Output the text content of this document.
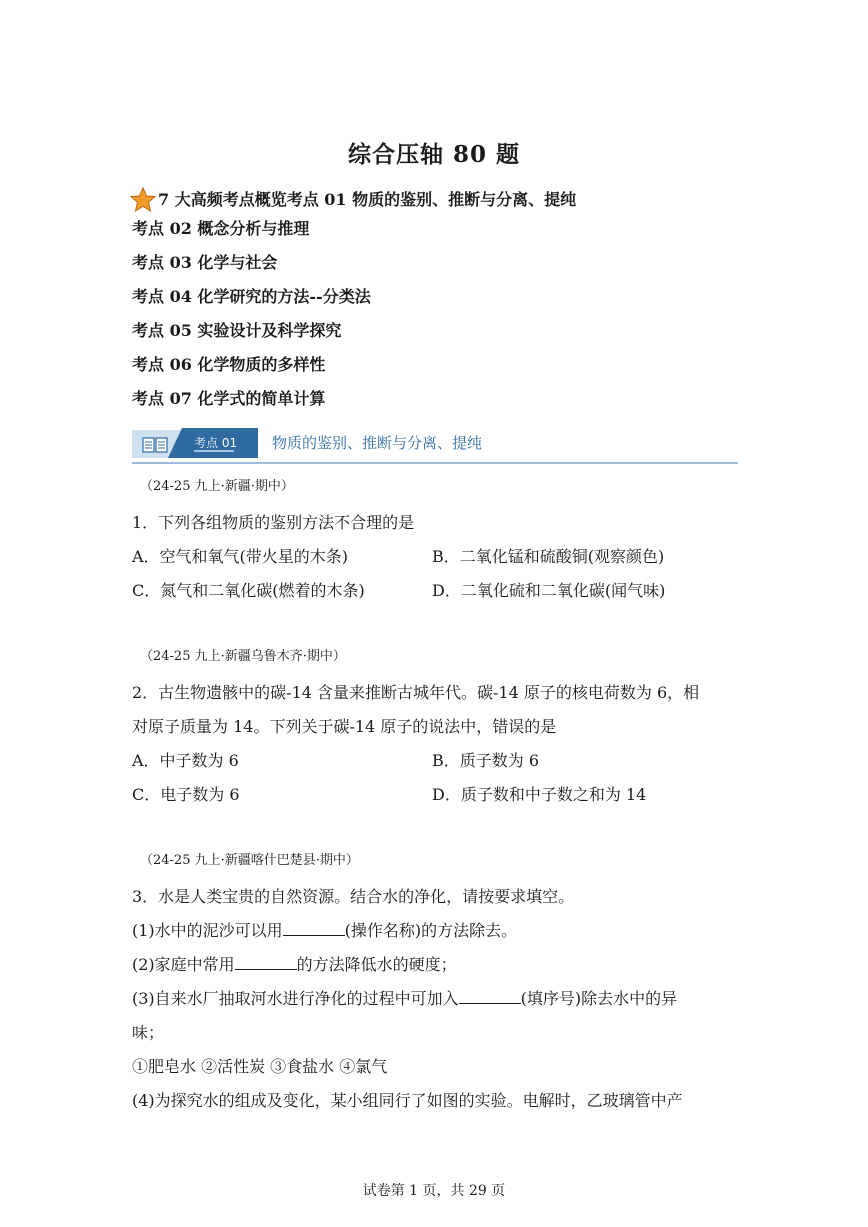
综合压轴 80 题
7 大高频考点概览考点 01 物质的鉴别、推断与分离、提纯
考点 02 概念分析与推理
考点 03 化学与社会
考点 04 化学研究的方法--分类法
考点 05 实验设计及科学探究
考点 06 化学物质的多样性
考点 07 化学式的简单计算
考点 01 物质的鉴别、推断与分离、提纯
（24-25 九上·新疆·期中）
1．下列各组物质的鉴别方法不合理的是
A．空气和氧气(带火星的木条)	B．二氧化锰和硫酸铜(观察颜色)
C．氮气和二氧化碳(燃着的木条)	D．二氧化硫和二氧化碳(闻气味)
（24-25 九上·新疆乌鲁木齐·期中）
2．古生物遗骸中的碳-14 含量来推断古城年代。碳-14 原子的核电荷数为 6，相
对原子质量为 14。下列关于碳-14 原子的说法中，错误的是
A．中子数为 6	B．质子数为 6
C．电子数为 6	D．质子数和中子数之和为 14
（24-25 九上·新疆喀什巴楚县·期中）
3．水是人类宝贵的自然资源。结合水的净化，请按要求填空。
(1)水中的泥沙可以用	(操作名称)的方法除去。
(2)家庭中常用	的方法降低水的硬度；
(3)自来水厂抽取河水进行净化的过程中可加入	(填序号)除去水中的异
味；
①肥皂水 ②活性炭 ③食盐水 ④氯气
(4)为探究水的组成及变化，某小组同行了如图的实验。电解时，乙玻璃管中产
试卷第 1 页，共 29 页
